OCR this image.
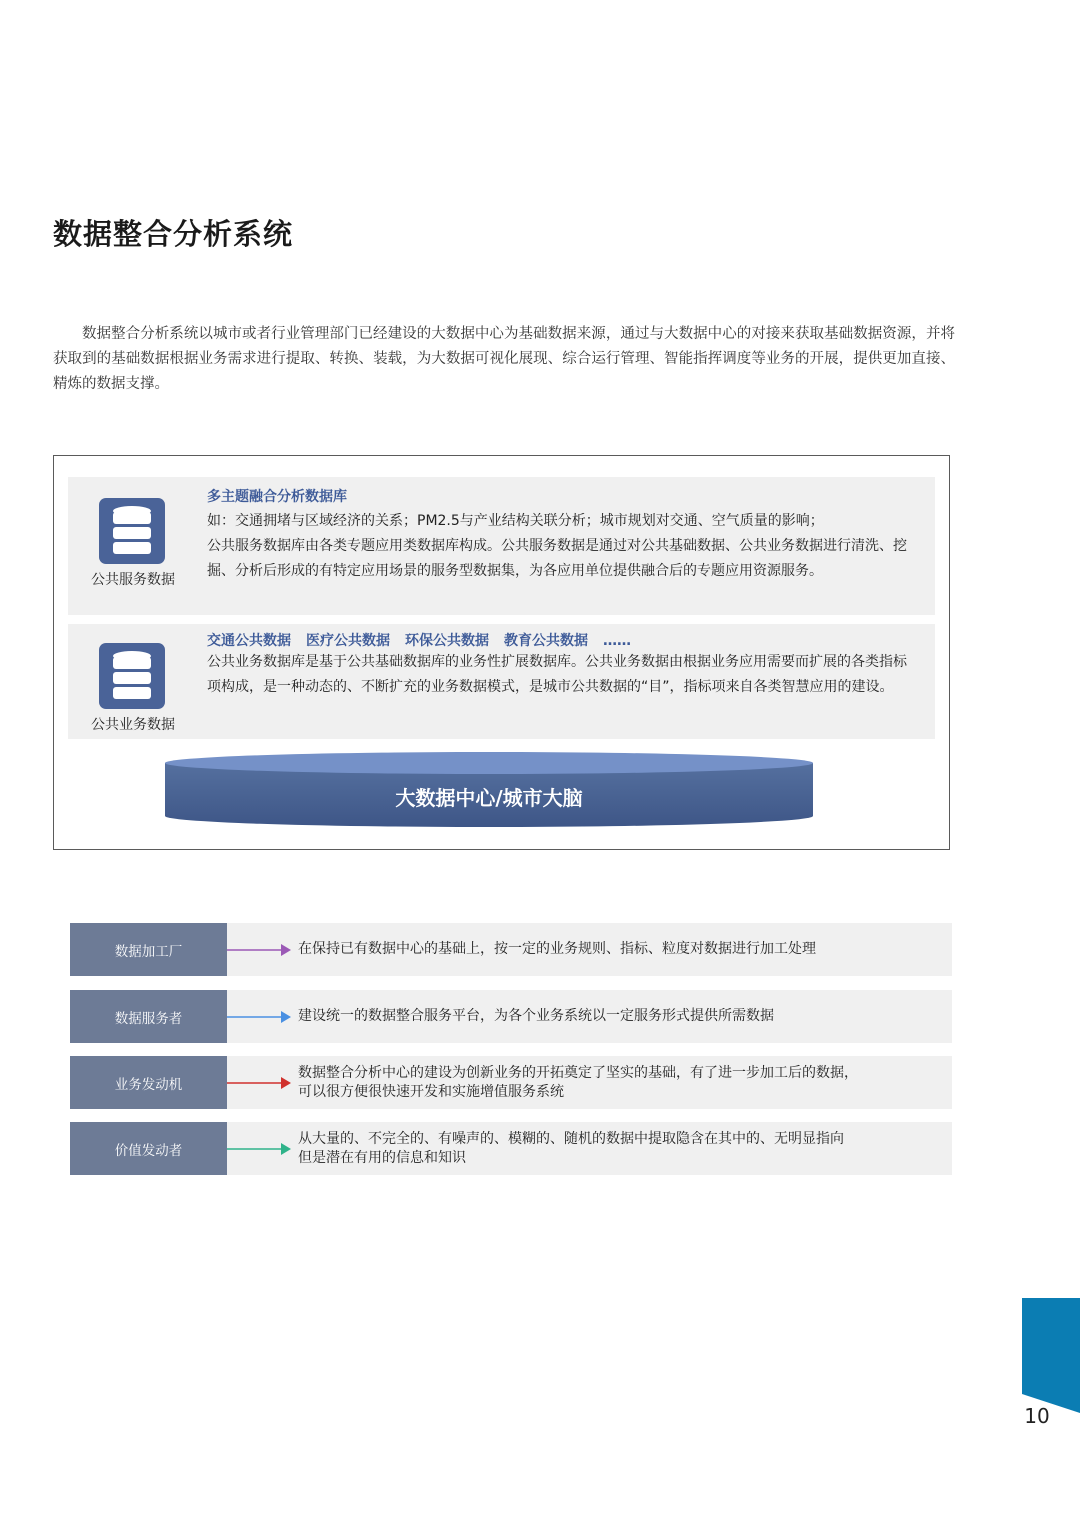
数据整合分析系统

数据整合分析系统以城市或者行业管理部门已经建设的大数据中心为基础数据来源，通过与大数据中心的对接来获取基础数据资源，并将获取到的基础数据根据业务需求进行提取、转换、装载，为大数据可视化展现、综合运行管理、智能指挥调度等业务的开展，提供更加直接、精炼的数据支撑。

公共服务数据
多主题融合分析数据库

如：交通拥堵与区域经济的关系；PM2.5与产业结构关联分析；城市规划对交通、空气质量的影响；

公共服务数据库由各类专题应用类数据库构成。公共服务数据是通过对公共基础数据、公共业务数据进行清洗、挖掘、分析后形成的有特定应用场景的服务型数据集，为各应用单位提供融合后的专题应用资源服务。

公共业务数据
交通公共数据 医疗公共数据 环保公共数据 教育公共数据 ……

公共业务数据库是基于公共基础数据库的业务性扩展数据库。公共业务数据由根据业务应用需要而扩展的各类指标项构成，是一种动态的、不断扩充的业务数据模式，是城市公共数据的“目”，指标项来自各类智慧应用的建设。

大数据中心/城市大脑
数据加工厂	在保持已有数据中心的基础上，按一定的业务规则、指标、粒度对数据进行加工处理
数据服务者	建设统一的数据整合服务平台，为各个业务系统以一定服务形式提供所需数据
业务发动机
数据整合分析中心的建设为创新业务的开拓奠定了坚实的基础，有了进一步加工后的数据，
可以很方便很快速开发和实施增值服务系统
价值发动者
从大量的、不完全的、有噪声的、模糊的、随机的数据中提取隐含在其中的、无明显指向
但是潜在有用的信息和知识
10
